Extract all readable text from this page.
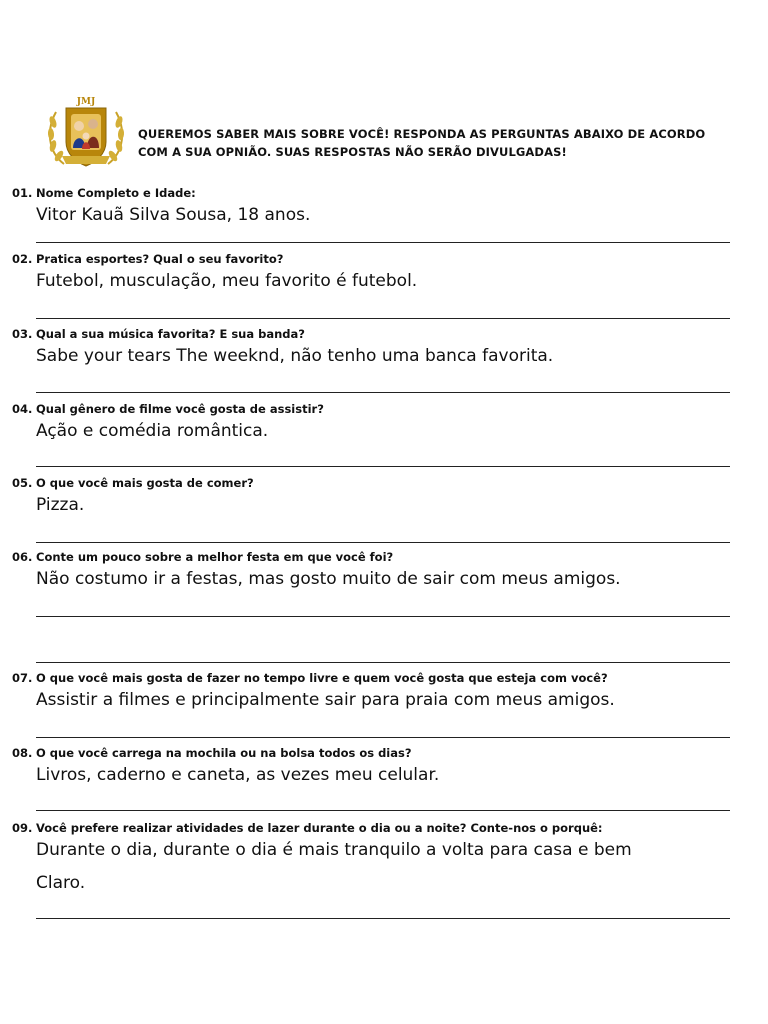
JMJ
QUEREMOS SABER MAIS SOBRE VOCÊ! RESPONDA AS PERGUNTAS ABAIXO DE ACORDO COM A SUA OPNIÃO. SUAS RESPOSTAS NÃO SERÃO DIVULGADAS!
01. Nome Completo e Idade:
Vitor Kauã Silva Sousa, 18 anos.
02. Pratica esportes? Qual o seu favorito?
Futebol, musculação, meu favorito é futebol.
03. Qual a sua música favorita? E sua banda?
Sabe your tears The weeknd, não tenho uma banca favorita.
04. Qual gênero de filme você gosta de assistir?
Ação e comédia romântica.
05. O que você mais gosta de comer?
Pizza.
06. Conte um pouco sobre a melhor festa em que você foi?
Não costumo ir a festas, mas gosto muito de sair com meus amigos.
07. O que você mais gosta de fazer no tempo livre e quem você gosta que esteja com você?
Assistir a filmes e principalmente sair para praia com meus amigos.
08. O que você carrega na mochila ou na bolsa todos os dias?
Livros, caderno e caneta, as vezes meu celular.
09. Você prefere realizar atividades de lazer durante o dia ou a noite? Conte-nos o porquê:
Durante o dia, durante o dia é mais tranquilo a volta para casa e bem
Claro.
